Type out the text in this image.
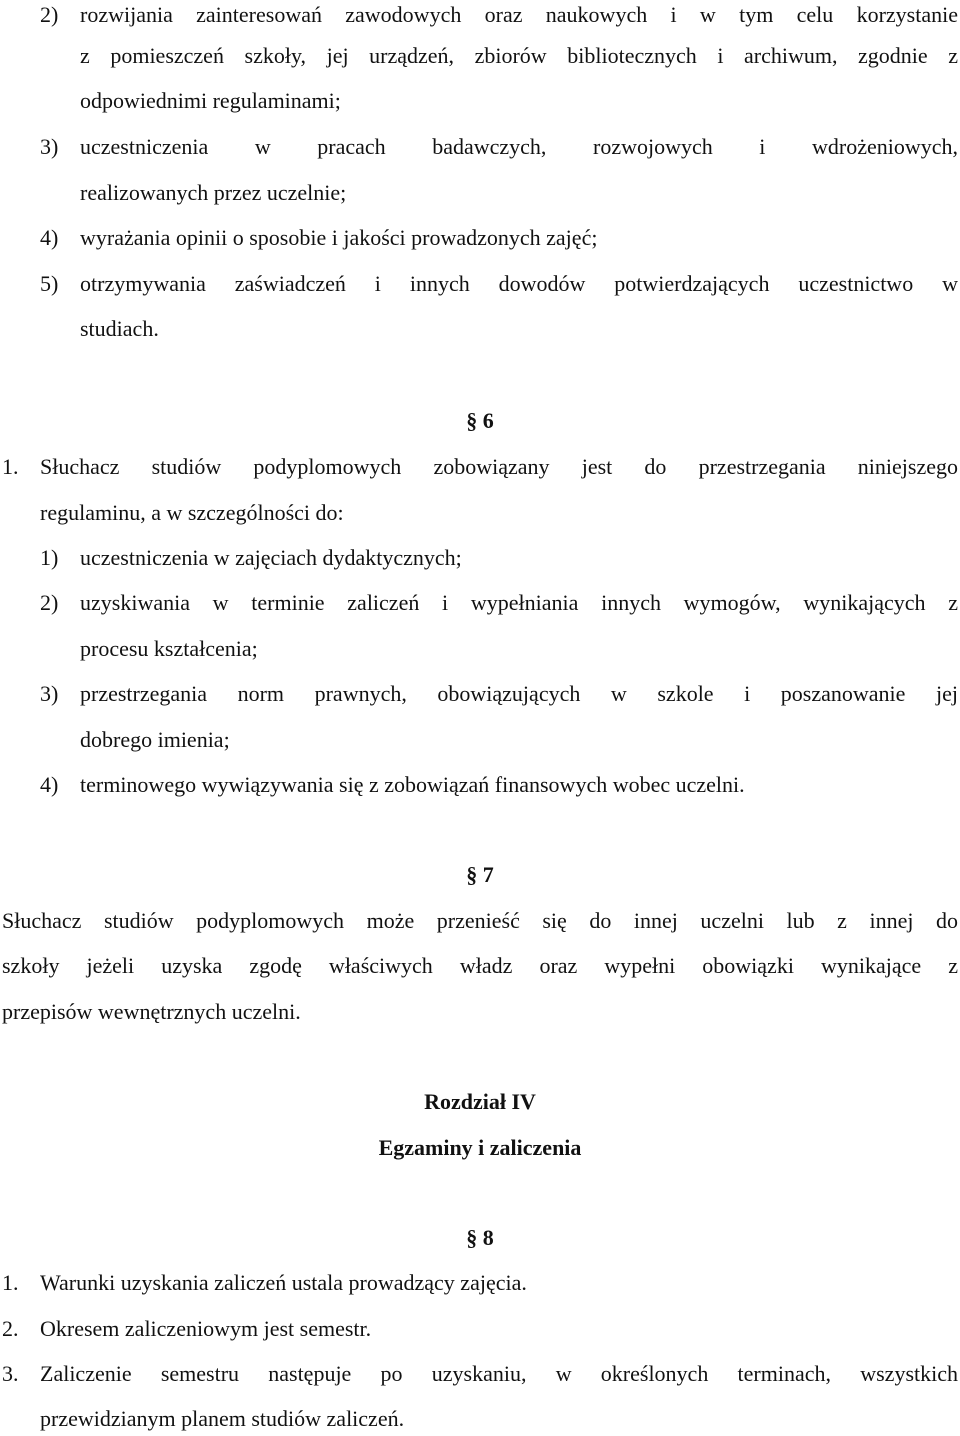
2) rozwijania zainteresowań zawodowych oraz naukowych i w tym celu korzystanie
z pomieszczeń szkoły, jej urządzeń, zbiorów bibliotecznych i archiwum, zgodnie z
odpowiednimi regulaminami;
3) uczestniczenia w pracach badawczych, rozwojowych i wdrożeniowych,
realizowanych przez uczelnie;
4) wyrażania opinii o sposobie i jakości prowadzonych zajęć;
5) otrzymywania zaświadczeń i innych dowodów potwierdzających uczestnictwo w
studiach.
§ 6
1. Słuchacz studiów podyplomowych zobowiązany jest do przestrzegania niniejszego
regulaminu, a w szczególności do:
1) uczestniczenia w zajęciach dydaktycznych;
2) uzyskiwania w terminie zaliczeń i wypełniania innych wymogów, wynikających z
procesu kształcenia;
3) przestrzegania norm prawnych, obowiązujących w szkole i poszanowanie jej
dobrego imienia;
4) terminowego wywiązywania się z zobowiązań finansowych wobec uczelni.
§ 7
Słuchacz studiów podyplomowych może przenieść się do innej uczelni lub z innej do
szkoły jeżeli uzyska zgodę właściwych władz oraz wypełni obowiązki wynikające z
przepisów wewnętrznych uczelni.
Rozdział IV
Egzaminy i zaliczenia
§ 8
1. Warunki uzyskania zaliczeń ustala prowadzący zajęcia.
2. Okresem zaliczeniowym jest semestr.
3. Zaliczenie semestru następuje po uzyskaniu, w określonych terminach, wszystkich
przewidzianym planem studiów zaliczeń.
